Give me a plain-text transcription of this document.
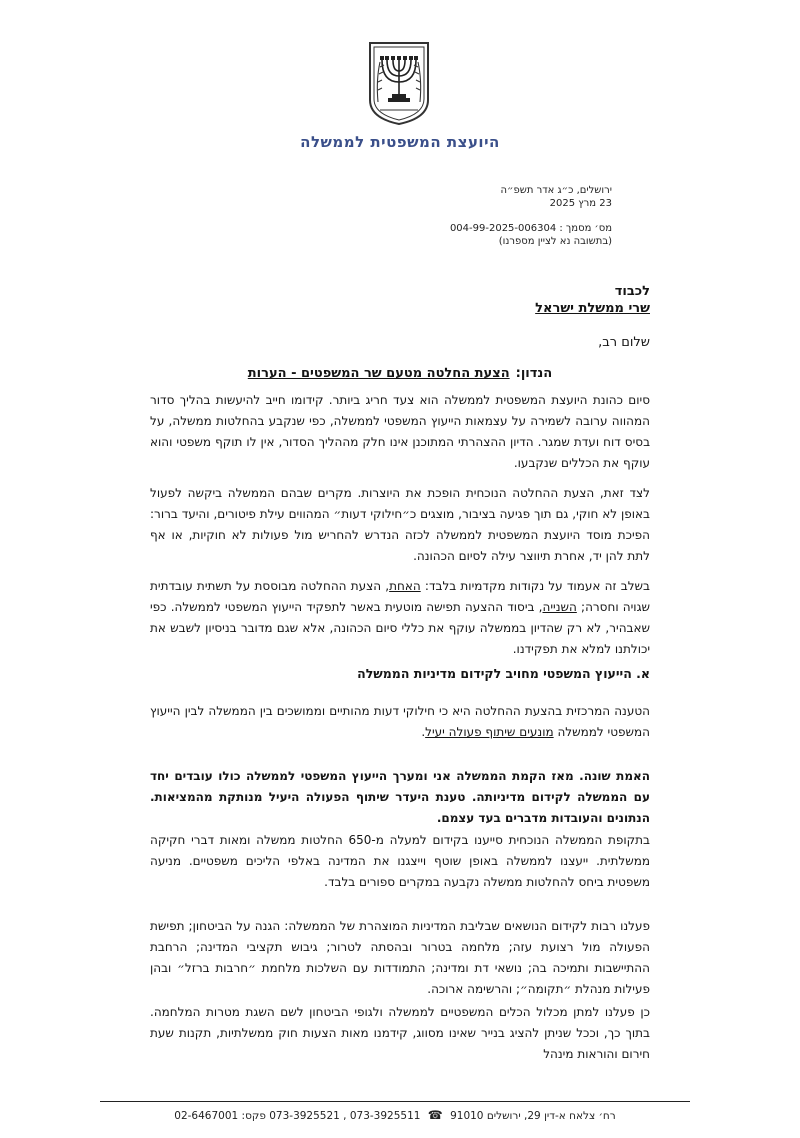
היועצת המשפטית לממשלה
ירושלים, כ״ג אדר תשפ״ה
23 מרץ 2025
מס׳ מסמך : 004-99-2025-006304
(בתשובה נא לציין מספרנו)
לכבוד
שרי ממשלת ישראל
שלום רב,
הנדון:הצעת החלטה מטעם שר המשפטים - הערות

סיום כהונת היועצת המשפטית לממשלה הוא צעד חריג ביותר. קידומו חייב להיעשות בהליך סדור המהווה ערובה לשמירה על עצמאות הייעוץ המשפטי לממשלה, כפי שנקבע בהחלטות ממשלה, על בסיס דוח ועדת שמגר. הדיון ההצהרתי המתוכנן אינו חלק מההליך הסדור, אין לו תוקף משפטי והוא עוקף את הכללים שנקבעו.

לצד זאת, הצעת ההחלטה הנוכחית הופכת את היוצרות. מקרים שבהם הממשלה ביקשה לפעול באופן לא חוקי, גם תוך פגיעה בציבור, מוצגים כ״חילוקי דעות״ המהווים עילת פיטורים, והיעד ברור: הפיכת מוסד היועצת המשפטית לממשלה לכזה הנדרש להחריש מול פעולות לא חוקיות, או אף לתת להן יד, אחרת תיווצר עילה לסיום הכהונה.

בשלב זה אעמוד על נקודות מקדמיות בלבד: האחת, הצעת ההחלטה מבוססת על תשתית עובדתית שגויה וחסרה; השנייה, ביסוד ההצעה תפישה מוטעית באשר לתפקיד הייעוץ המשפטי לממשלה. כפי שאבהיר, לא רק שהדיון בממשלה עוקף את כללי סיום הכהונה, אלא שגם מדובר בניסיון לשבש את יכולתנו למלא את תפקידנו.

א. הייעוץ המשפטי מחויב לקידום מדיניות הממשלה

הטענה המרכזית בהצעת ההחלטה היא כי חילוקי דעות מהותיים וממושכים בין הממשלה לבין הייעוץ המשפטי לממשלה מונעים שיתוף פעולה יעיל.

האמת שונה. מאז הקמת הממשלה אני ומערך הייעוץ המשפטי לממשלה כולו עובדים יחד עם הממשלה לקידום מדיניותה. טענת היעדר שיתוף הפעולה היעיל מנותקת מהמציאות. הנתונים והעובדות מדברים בעד עצמם.

בתקופת הממשלה הנוכחית סייענו בקידום למעלה מ-650 החלטות ממשלה ומאות דברי חקיקה ממשלתית. ייעצנו לממשלה באופן שוטף וייצגנו את המדינה באלפי הליכים משפטיים. מניעה משפטית ביחס להחלטות ממשלה נקבעה במקרים ספורים בלבד.

פעלנו רבות לקידום הנושאים שבליבת המדיניות המוצהרת של הממשלה: הגנה על הביטחון; תפישת הפעולה מול רצועת עזה; מלחמה בטרור ובהסתה לטרור; גיבוש תקציבי המדינה; הרחבת ההתיישבות ותמיכה בה; נושאי דת ומדינה; התמודדות עם השלכות מלחמת ״חרבות ברזל״ ובהן פעילות מנהלת ״תקומה״; והרשימה ארוכה.

כן פעלנו למתן מכלול הכלים המשפטיים לממשלה ולגופי הביטחון לשם השגת מטרות המלחמה. בתוך כך, וככל שניתן להציג בנייר שאינו מסווג, קידמנו מאות הצעות חוק ממשלתיות, תקנות שעת חירום והוראות מינהל

רח׳ צלאח א-דין 29, ירושלים 91010 ☎ 073-3925511 , 073-3925521 פקס: 02-6467001
